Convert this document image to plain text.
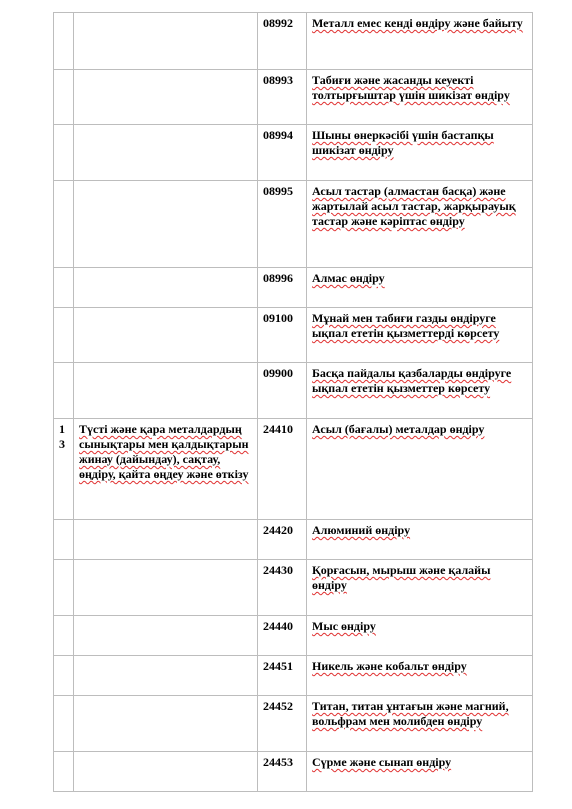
		08992	Металл емес кенді өндіру және байыту
		08993	Табиғи және жасанды кеуекті толтырғыштар үшін шикізат өндіру
		08994	Шыны өнеркәсібі үшін бастапқы шикізат өндіру
		08995	Асыл тастар (алмастан басқа) және жартылай асыл тастар, жарқырауық тастар және кәріптас өндіру
		08996	Алмас өндіру
		09100	Мұнай мен табиғи газды өндіруге ықпал ететін қызметтерді көрсету
		09900	Басқа пайдалы қазбаларды өндіруге ықпал ететін қызметтер көрсету
13	Түсті және қара металдардың сынықтары мен қалдықтарын жинау (дайындау), сақтау, өңдіру, қайта өңдеу және өткізу	24410	Асыл (бағалы) металдар өндіру
		24420	Алюминий өндіру
		24430	Қорғасын, мырыш және қалайы өндіру
		24440	Мыс өндіру
		24451	Никель және кобальт өндіру
		24452	Титан, титан ұнтағын және магний, вольфрам мен молибден өндіру
		24453	Сүрме және сынап өндіру
